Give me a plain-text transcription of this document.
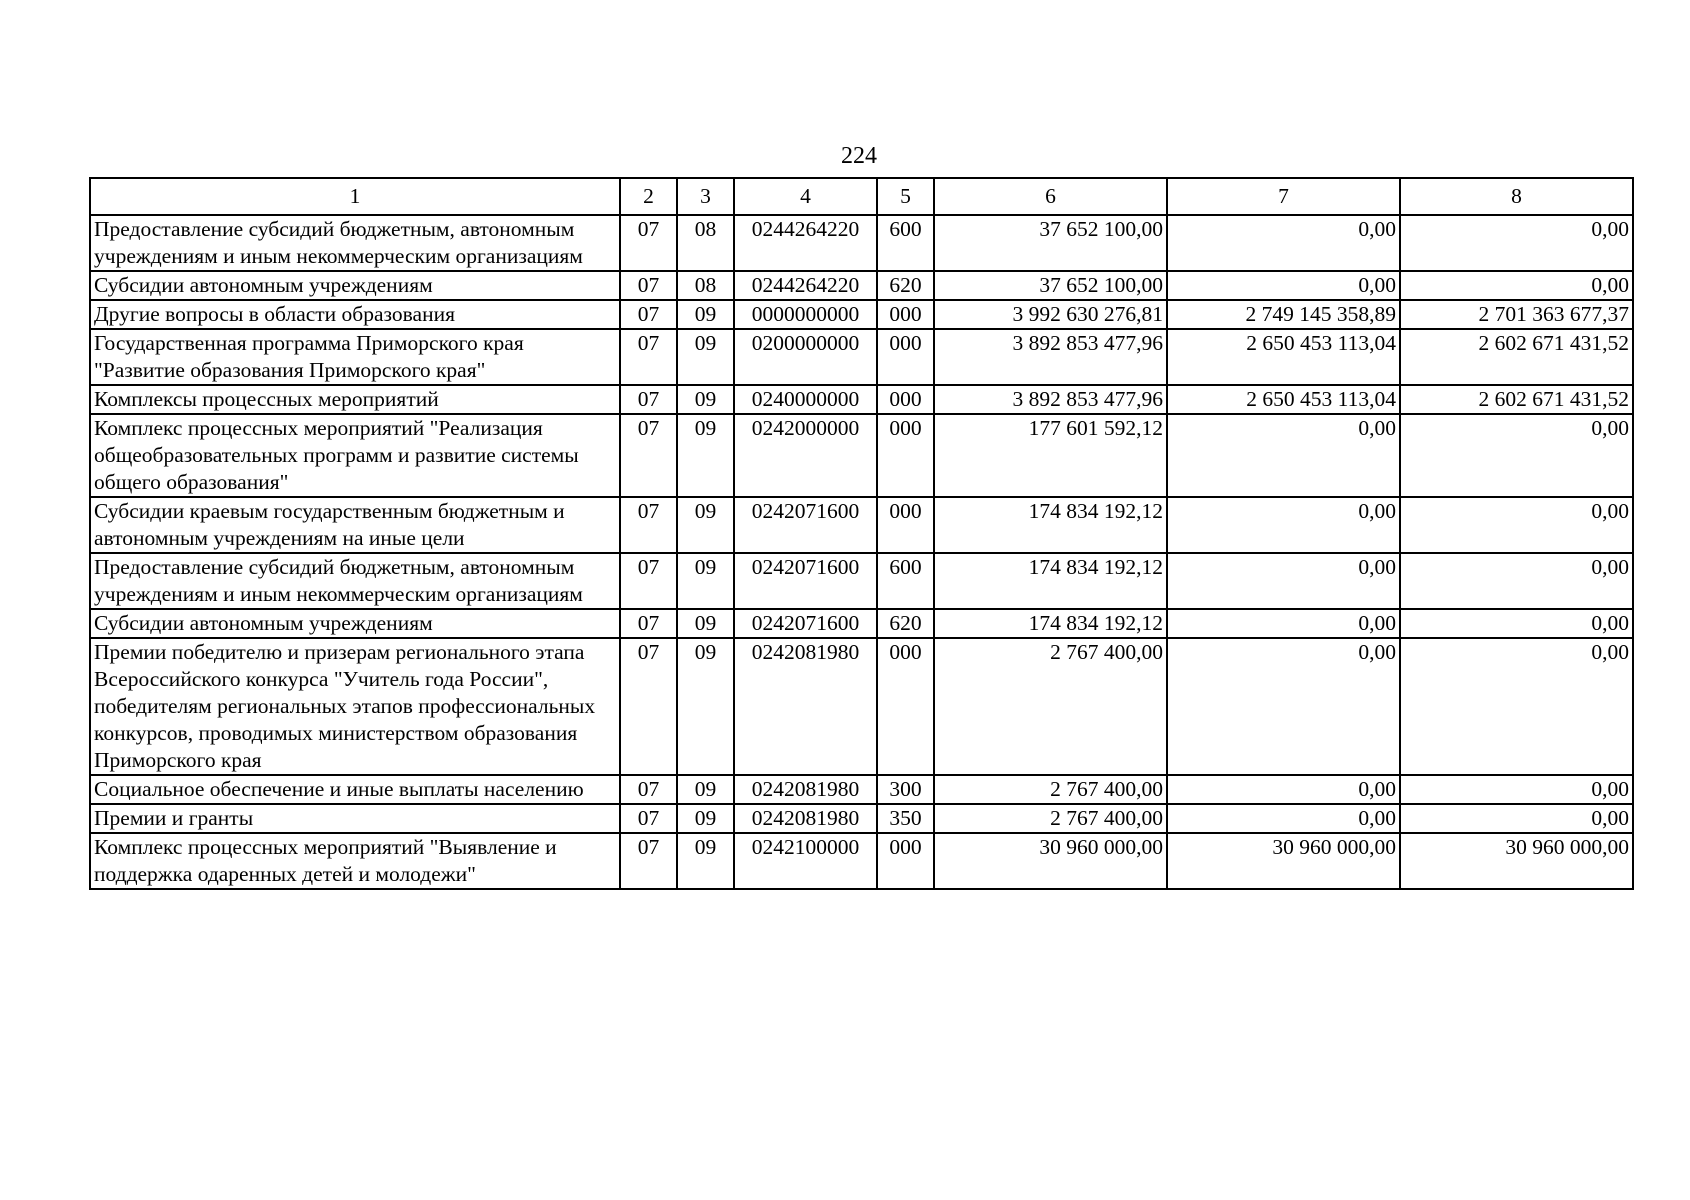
224
1	2	3	4	5	6	7	8
Предоставление субсидий бюджетным, автономным учреждениям и иным некоммерческим организациям	07	08	0244264220	600	37 652 100,00	0,00	0,00
Субсидии автономным учреждениям	07	08	0244264220	620	37 652 100,00	0,00	0,00
Другие вопросы в области образования	07	09	0000000000	000	3 992 630 276,81	2 749 145 358,89	2 701 363 677,37
Государственная программа Приморского края "Развитие образования Приморского края"	07	09	0200000000	000	3 892 853 477,96	2 650 453 113,04	2 602 671 431,52
Комплексы процессных мероприятий	07	09	0240000000	000	3 892 853 477,96	2 650 453 113,04	2 602 671 431,52
Комплекс процессных мероприятий "Реализация общеобразовательных программ и развитие системы общего образования"	07	09	0242000000	000	177 601 592,12	0,00	0,00
Субсидии краевым государственным бюджетным и автономным учреждениям на иные цели	07	09	0242071600	000	174 834 192,12	0,00	0,00
Предоставление субсидий бюджетным, автономным учреждениям и иным некоммерческим организациям	07	09	0242071600	600	174 834 192,12	0,00	0,00
Субсидии автономным учреждениям	07	09	0242071600	620	174 834 192,12	0,00	0,00
Премии победителю и призерам регионального этапа Всероссийского конкурса "Учитель года России", победителям региональных этапов профессиональных конкурсов, проводимых министерством образования Приморского края	07	09	0242081980	000	2 767 400,00	0,00	0,00
Социальное обеспечение и иные выплаты населению	07	09	0242081980	300	2 767 400,00	0,00	0,00
Премии и гранты	07	09	0242081980	350	2 767 400,00	0,00	0,00
Комплекс процессных мероприятий "Выявление и поддержка одаренных детей и молодежи"	07	09	0242100000	000	30 960 000,00	30 960 000,00	30 960 000,00
